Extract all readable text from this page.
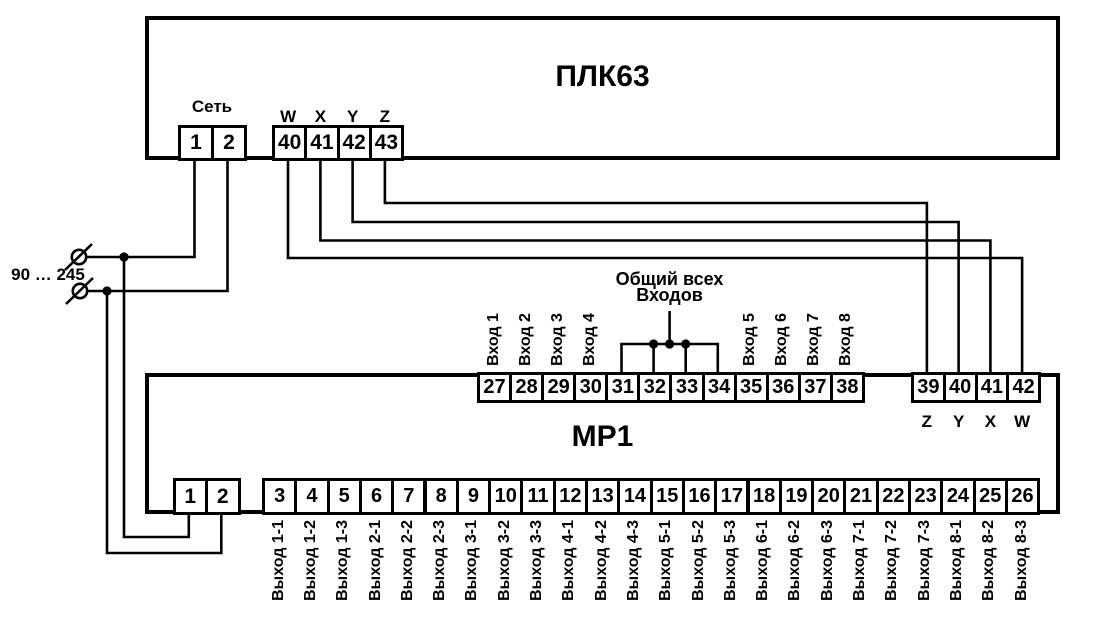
ПЛК63
Сеть
МР1
Общий всех
Входов
90 … 245
1	2	40 41 42 43
W	X	Y	Z
27 28 29 30 31 32 33 34 35 36 37 38	39 40 41 42
Z	Y	X	W
1 2	3	4	5	6	7	8	9 10 11 12 13 14 15 16 17 18 19 20 21 22 23 24 25 26
Вход 1 Вход 2 Вход 3 Вход 4	Вход 5 Вход 6 Вход 7 Вход 8
Выход 1-1 Выход 1-2 Выход 1-3 Выход 2-1 Выход 2-2 Выход 2-3 Выход 3-1 Выход 3-2 Выход 3-3 Выход 4-1 Выход 4-2 Выход 4-3 Выход 5-1 Выход 5-2 Выход 5-3 Выход 6-1 Выход 6-2 Выход 6-3 Выход 7-1 Выход 7-2 Выход 7-3 Выход 8-1 Выход 8-2 Выход 8-3
